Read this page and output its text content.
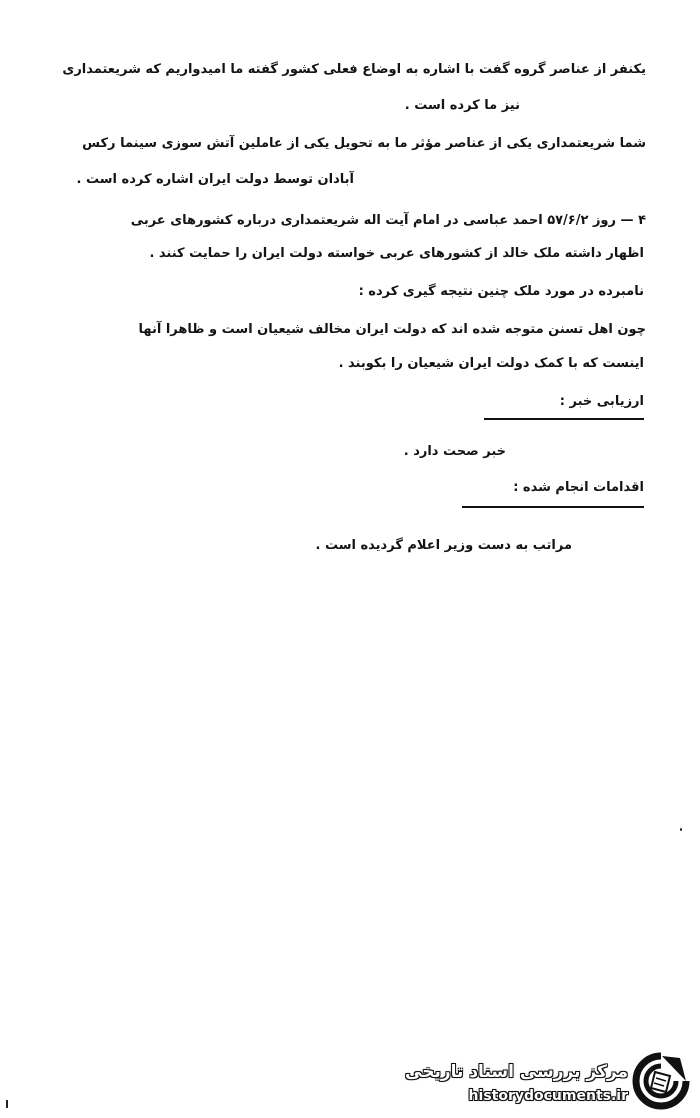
یکنفر از عناصر گروه گفت با اشاره به اوضاع فعلی کشور گفته ما امیدواریم که شریعتمداری
نیز ما کرده است .
شما شریعتمداری یکی از عناصر مؤثر ما به تحویل یکی از عاملین آتش سوزی سینما رکس
آبادان توسط دولت ایران اشاره کرده است .
۴ — روز ۵۷/۶/۲ احمد عباسی در امام آیت اله شریعتمداری درباره کشورهای عربی
اظهار داشته ملک خالد از کشورهای عربی خواسته دولت ایران را حمایت کنند .
نامبرده در مورد ملک چنین نتیجه گیری کرده :
چون اهل تسنن متوجه شده اند که دولت ایران مخالف شیعیان است و ظاهرا آنها
اینست که با کمک دولت ایران شیعیان را بکوبند .
ارزیابی خبر :
خبر صحت دارد .
اقدامات انجام شده :
مراتب به دست وزیر اعلام گردیده است .
مرکز بررسی اسناد تاریخی
historydocuments.ir
